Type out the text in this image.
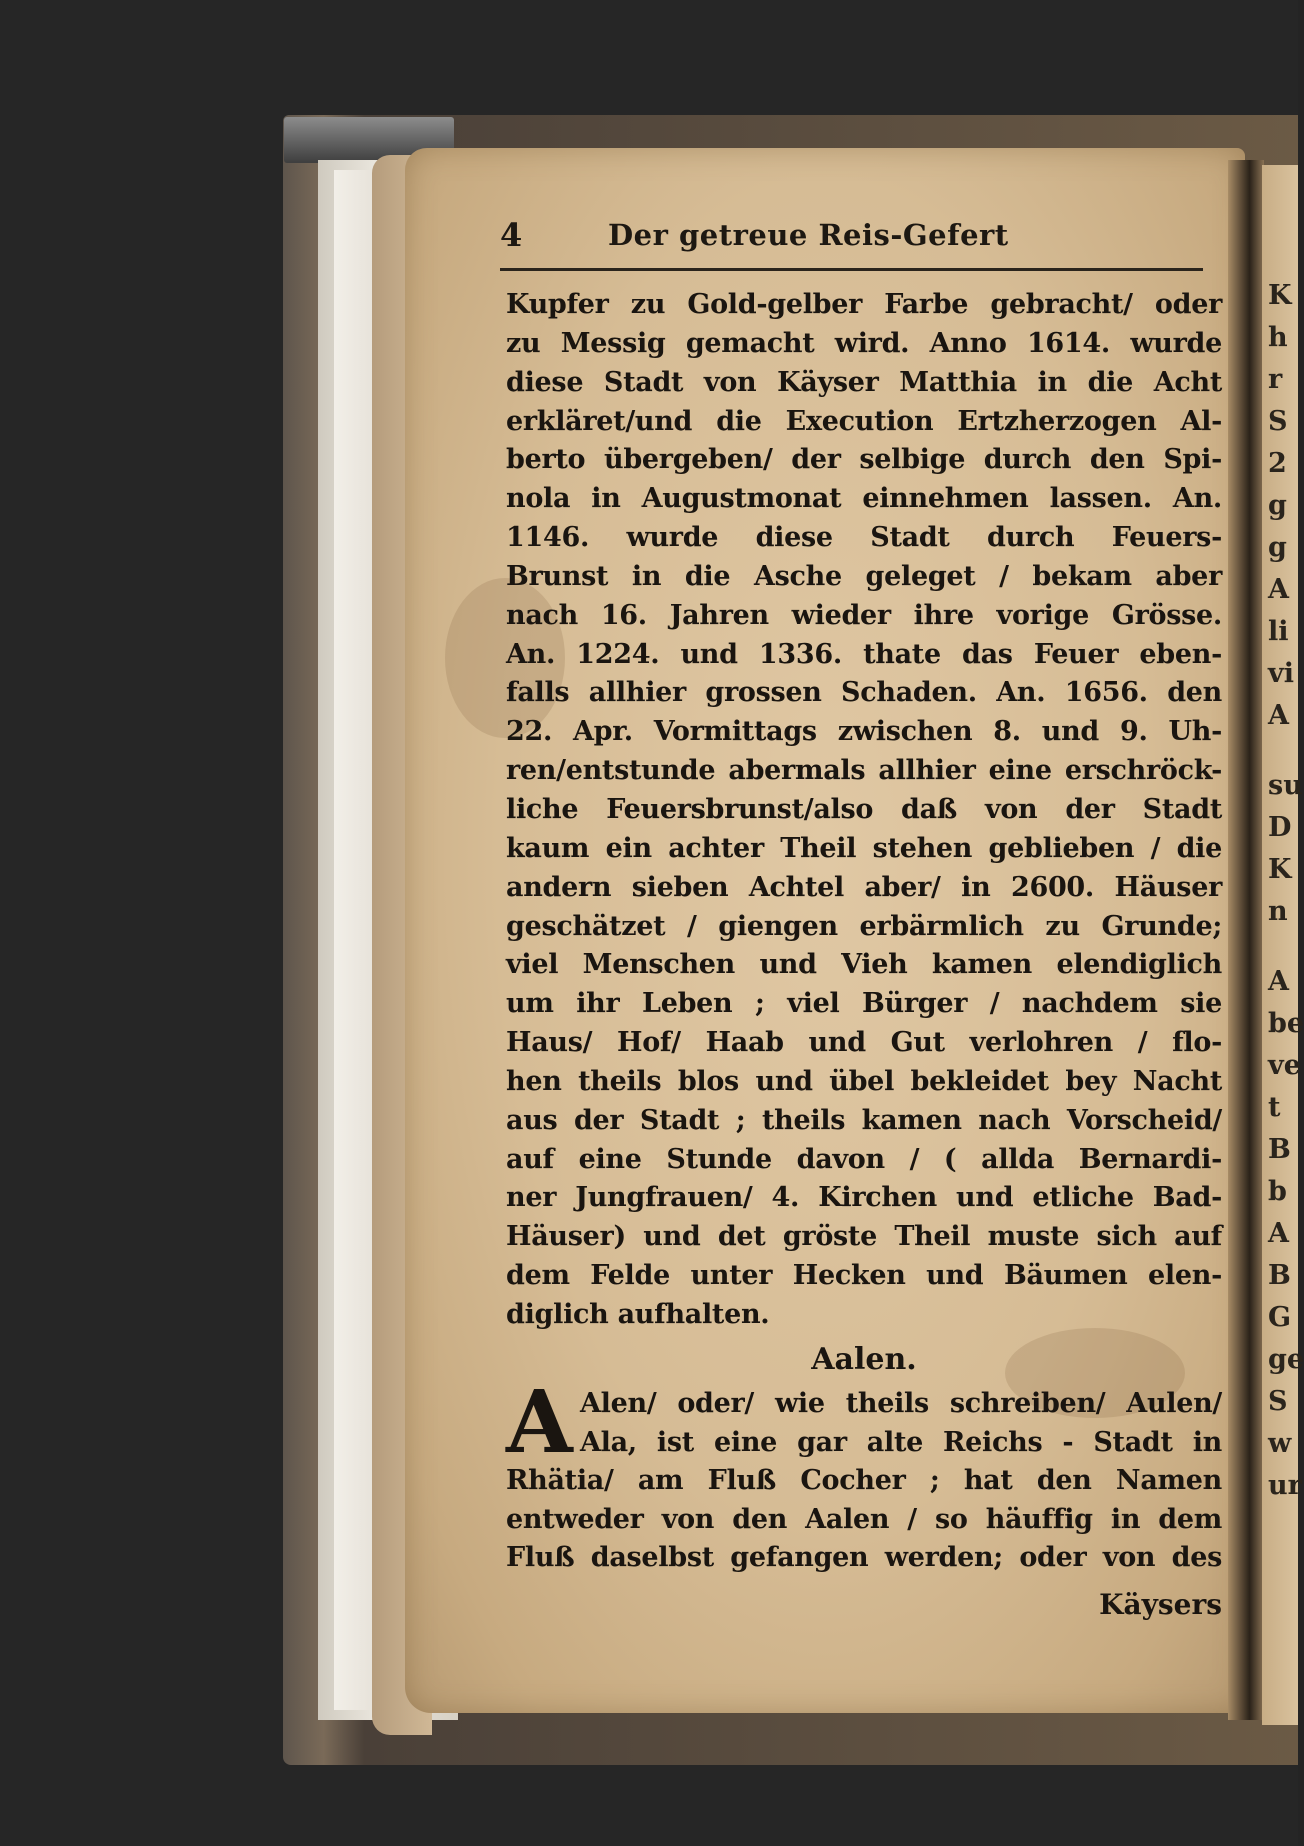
K
h
r
S
2
g
g
A
li
vi
A
su
D
K
n
A
be
ve
t
B
b
A
B
G
ge
S
w
ur
4	Der getreue Reis-Gefert
Kupfer zu Gold-gelber Farbe gebracht/ oder
zu Messig gemacht wird. Anno 1614. wurde
diese Stadt von Käyser Matthia in die Acht
erkläret/und die Execution Ertzherzogen Al-
berto übergeben/ der selbige durch den Spi-
nola in Augustmonat einnehmen lassen. An.
1146. wurde diese Stadt durch Feuers-
Brunst in die Asche geleget / bekam aber
nach 16. Jahren wieder ihre vorige Grösse.
An. 1224. und 1336. thate das Feuer eben-
falls allhier grossen Schaden. An. 1656. den
22. Apr. Vormittags zwischen 8. und 9. Uh-
ren/entstunde abermals allhier eine erschröck-
liche Feuersbrunst/also daß von der Stadt
kaum ein achter Theil stehen geblieben / die
andern sieben Achtel aber/ in 2600. Häuser
geschätzet / giengen erbärmlich zu Grunde;
viel Menschen und Vieh kamen elendiglich
um ihr Leben ; viel Bürger / nachdem sie
Haus/ Hof/ Haab und Gut verlohren / flo-
hen theils blos und übel bekleidet bey Nacht
aus der Stadt ; theils kamen nach Vorscheid/
auf eine Stunde davon / ( allda Bernardi-
ner Jungfrauen/ 4. Kirchen und etliche Bad-
Häuser) und det gröste Theil muste sich auf
dem Felde unter Hecken und Bäumen elen-
diglich aufhalten.
Aalen.
A Alen/ oder/ wie theils schreiben/ Aulen/
Ala, ist eine gar alte Reichs - Stadt in
Rhätia/ am Fluß Cocher ; hat den Namen
entweder von den Aalen / so häuffig in dem
Fluß daselbst gefangen werden; oder von des
Käysers
